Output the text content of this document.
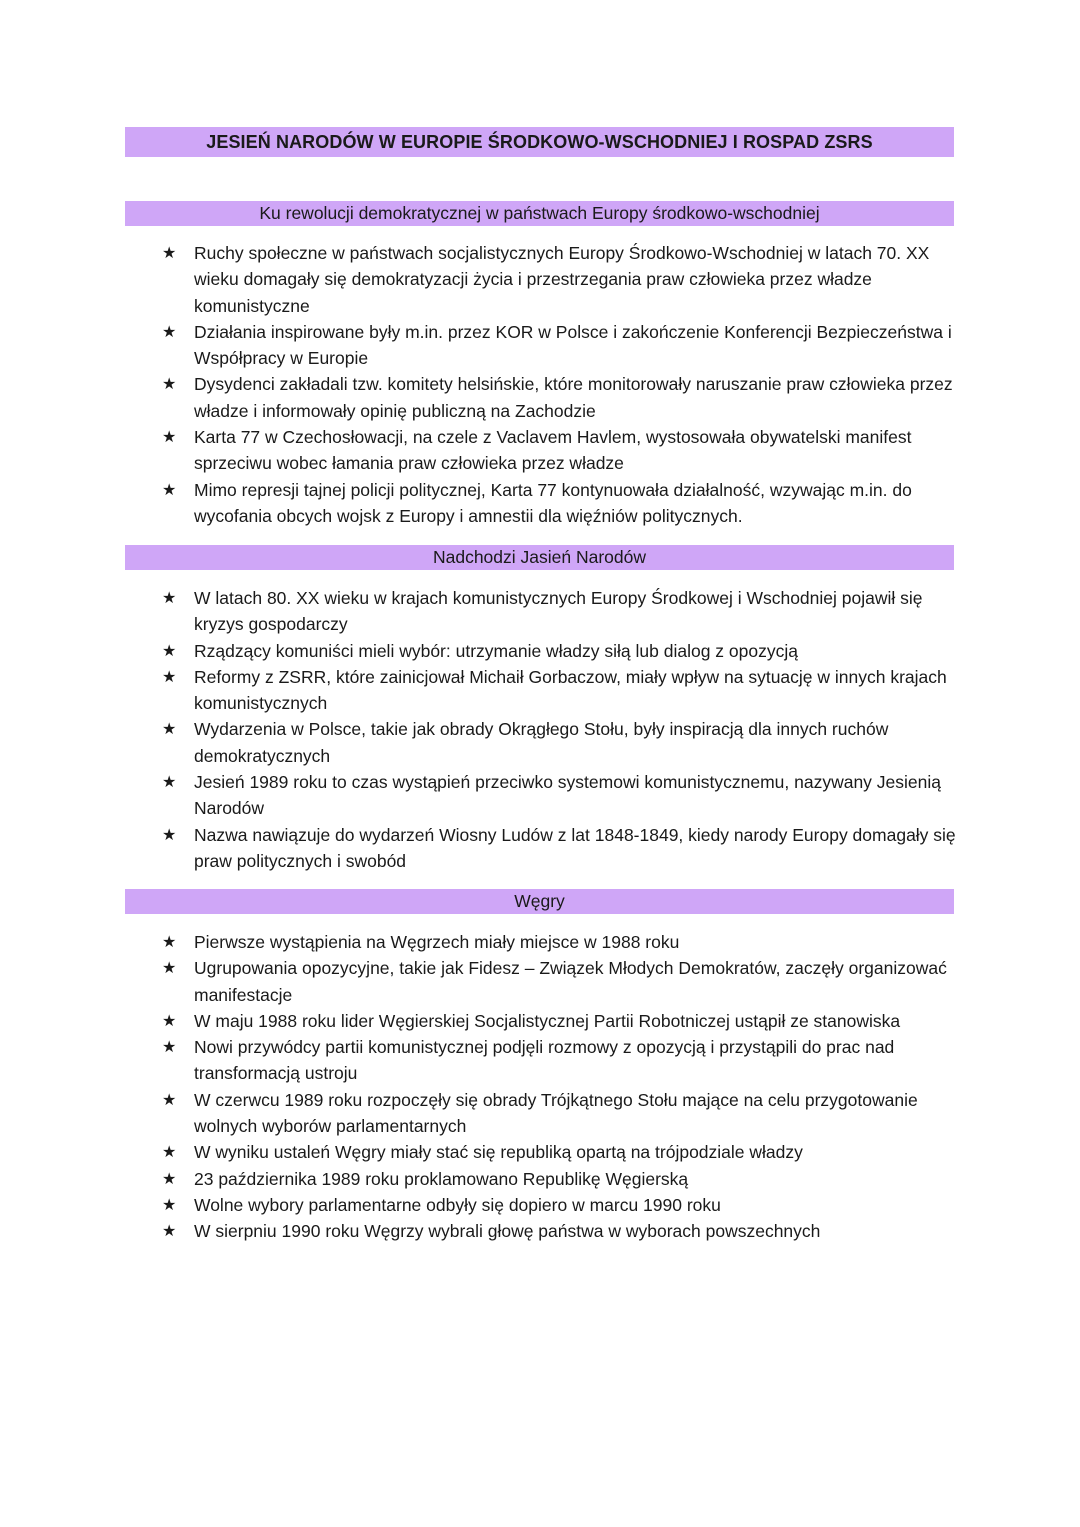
JESIEŃ NARODÓW W EUROPIE ŚRODKOWO-WSCHODNIEJ I ROSPAD ZSRS
Ku rewolucji demokratycznej w państwach Europy środkowo-wschodniej
★	Ruchy społeczne w państwach socjalistycznych Europy Środkowo-Wschodniej w latach 70. XX wieku domagały się demokratyzacji życia i przestrzegania praw człowieka przez władze komunistyczne
★	Działania inspirowane były m.in. przez KOR w Polsce i zakończenie Konferencji Bezpieczeństwa i Współpracy w Europie
★	Dysydenci zakładali tzw. komitety helsińskie, które monitorowały naruszanie praw człowieka przez władze i informowały opinię publiczną na Zachodzie
★	Karta 77 w Czechosłowacji, na czele z Vaclavem Havlem, wystosowała obywatelski manifest sprzeciwu wobec łamania praw człowieka przez władze
★	Mimo represji tajnej policji politycznej, Karta 77 kontynuowała działalność, wzywając m.in. do wycofania obcych wojsk z Europy i amnestii dla więźniów politycznych.
Nadchodzi Jasień Narodów
★	W latach 80. XX wieku w krajach komunistycznych Europy Środkowej i Wschodniej pojawił się kryzys gospodarczy
★	Rządzący komuniści mieli wybór: utrzymanie władzy siłą lub dialog z opozycją
★	Reformy z ZSRR, które zainicjował Michaił Gorbaczow, miały wpływ na sytuację w innych krajach komunistycznych
★	Wydarzenia w Polsce, takie jak obrady Okrągłego Stołu, były inspiracją dla innych ruchów demokratycznych
★	Jesień 1989 roku to czas wystąpień przeciwko systemowi komunistycznemu, nazywany Jesienią Narodów
★	Nazwa nawiązuje do wydarzeń Wiosny Ludów z lat 1848-1849, kiedy narody Europy domagały się praw politycznych i swobód
Węgry
★	Pierwsze wystąpienia na Węgrzech miały miejsce w 1988 roku
★	Ugrupowania opozycyjne, takie jak Fidesz – Związek Młodych Demokratów, zaczęły organizować manifestacje
★	W maju 1988 roku lider Węgierskiej Socjalistycznej Partii Robotniczej ustąpił ze stanowiska
★	Nowi przywódcy partii komunistycznej podjęli rozmowy z opozycją i przystąpili do prac nad transformacją ustroju
★	W czerwcu 1989 roku rozpoczęły się obrady Trójkątnego Stołu mające na celu przygotowanie wolnych wyborów parlamentarnych
★	W wyniku ustaleń Węgry miały stać się republiką opartą na trójpodziale władzy
★	23 października 1989 roku proklamowano Republikę Węgierską
★	Wolne wybory parlamentarne odbyły się dopiero w marcu 1990 roku
★	W sierpniu 1990 roku Węgrzy wybrali głowę państwa w wyborach powszechnych
